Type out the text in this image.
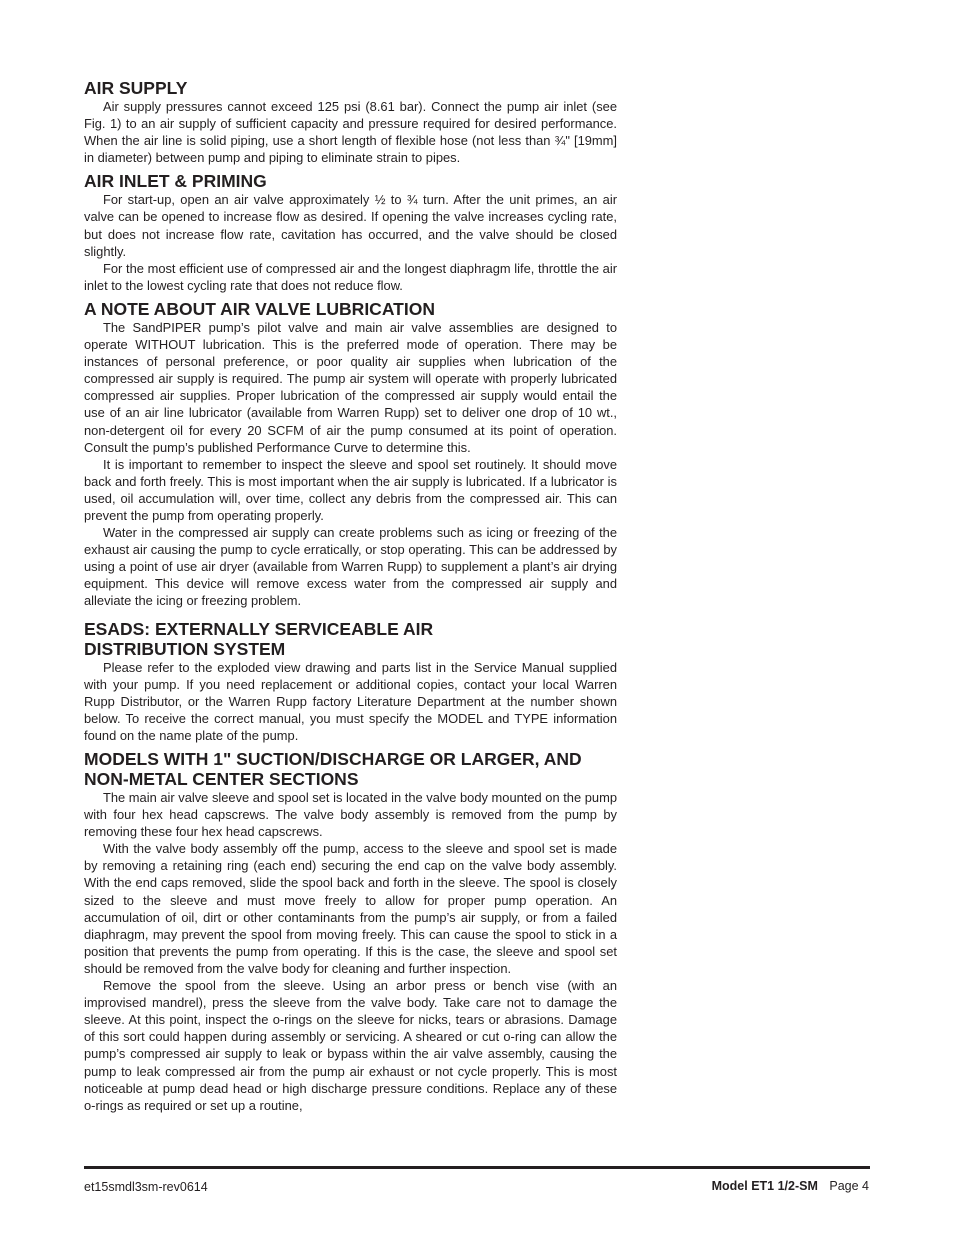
AIR SUPPLY

Air supply pressures cannot exceed 125 psi (8.61 bar). Connect the pump air inlet (see Fig. 1) to an air supply of sufficient capacity and pressure required for desired performance. When the air line is solid piping, use a short length of flexible hose (not less than ¾" [19mm] in diameter) between pump and piping to eliminate strain to pipes.

AIR INLET & PRIMING

For start-up, open an air valve approximately ½ to ¾ turn. After the unit primes, an air valve can be opened to increase flow as desired. If opening the valve increases cycling rate, but does not increase flow rate, cavitation has occurred, and the valve should be closed slightly.

For the most efficient use of compressed air and the longest diaphragm life, throttle the air inlet to the lowest cycling rate that does not reduce flow.

A NOTE ABOUT AIR VALVE LUBRICATION

The SandPIPER pump’s pilot valve and main air valve assemblies are designed to operate WITHOUT lubrication. This is the preferred mode of operation. There may be instances of personal preference, or poor quality air supplies when lubrication of the compressed air supply is required. The pump air system will operate with properly lubricated compressed air supplies. Proper lubrication of the compressed air supply would entail the use of an air line lubricator (available from Warren Rupp) set to deliver one drop of 10 wt., non-detergent oil for every 20 SCFM of air the pump consumed at its point of operation. Consult the pump’s published Performance Curve to determine this.

It is important to remember to inspect the sleeve and spool set routinely. It should move back and forth freely. This is most important when the air supply is lubricated. If a lubricator is used, oil accumulation will, over time, collect any debris from the compressed air. This can prevent the pump from operating properly.

Water in the compressed air supply can create problems such as icing or freezing of the exhaust air causing the pump to cycle erratically, or stop operating. This can be addressed by using a point of use air dryer (available from Warren Rupp) to supplement a plant’s air drying equipment. This device will remove excess water from the compressed air supply and alleviate the icing or freezing problem.

ESADS: EXTERNALLY SERVICEABLE AIR
DISTRIBUTION SYSTEM

Please refer to the exploded view drawing and parts list in the Service Manual supplied with your pump. If you need replacement or additional copies, contact your local Warren Rupp Distributor, or the Warren Rupp factory Literature Department at the number shown below. To receive the correct manual, you must specify the MODEL and TYPE information found on the name plate of the pump.

MODELS WITH 1" SUCTION/DISCHARGE OR LARGER, AND NON-METAL CENTER SECTIONS

The main air valve sleeve and spool set is located in the valve body mounted on the pump with four hex head capscrews. The valve body assembly is removed from the pump by removing these four hex head capscrews.

With the valve body assembly off the pump, access to the sleeve and spool set is made by removing a retaining ring (each end) securing the end cap on the valve body assembly. With the end caps removed, slide the spool back and forth in the sleeve. The spool is closely sized to the sleeve and must move freely to allow for proper pump operation. An accumulation of oil, dirt or other contaminants from the pump’s air supply, or from a failed diaphragm, may prevent the spool from moving freely. This can cause the spool to stick in a position that prevents the pump from operating. If this is the case, the sleeve and spool set should be removed from the valve body for cleaning and further inspection.

Remove the spool from the sleeve. Using an arbor press or bench vise (with an improvised mandrel), press the sleeve from the valve body. Take care not to damage the sleeve. At this point, inspect the o-rings on the sleeve for nicks, tears or abrasions. Damage of this sort could happen during assembly or servicing. A sheared or cut o-ring can allow the pump’s compressed air supply to leak or bypass within the air valve assembly, causing the pump to leak compressed air from the pump air exhaust or not cycle properly. This is most noticeable at pump dead head or high discharge pressure conditions. Replace any of these o-rings as required or set up a routine,

et15smdl3sm-rev0614	Model ET1 1/2-SM Page 4
